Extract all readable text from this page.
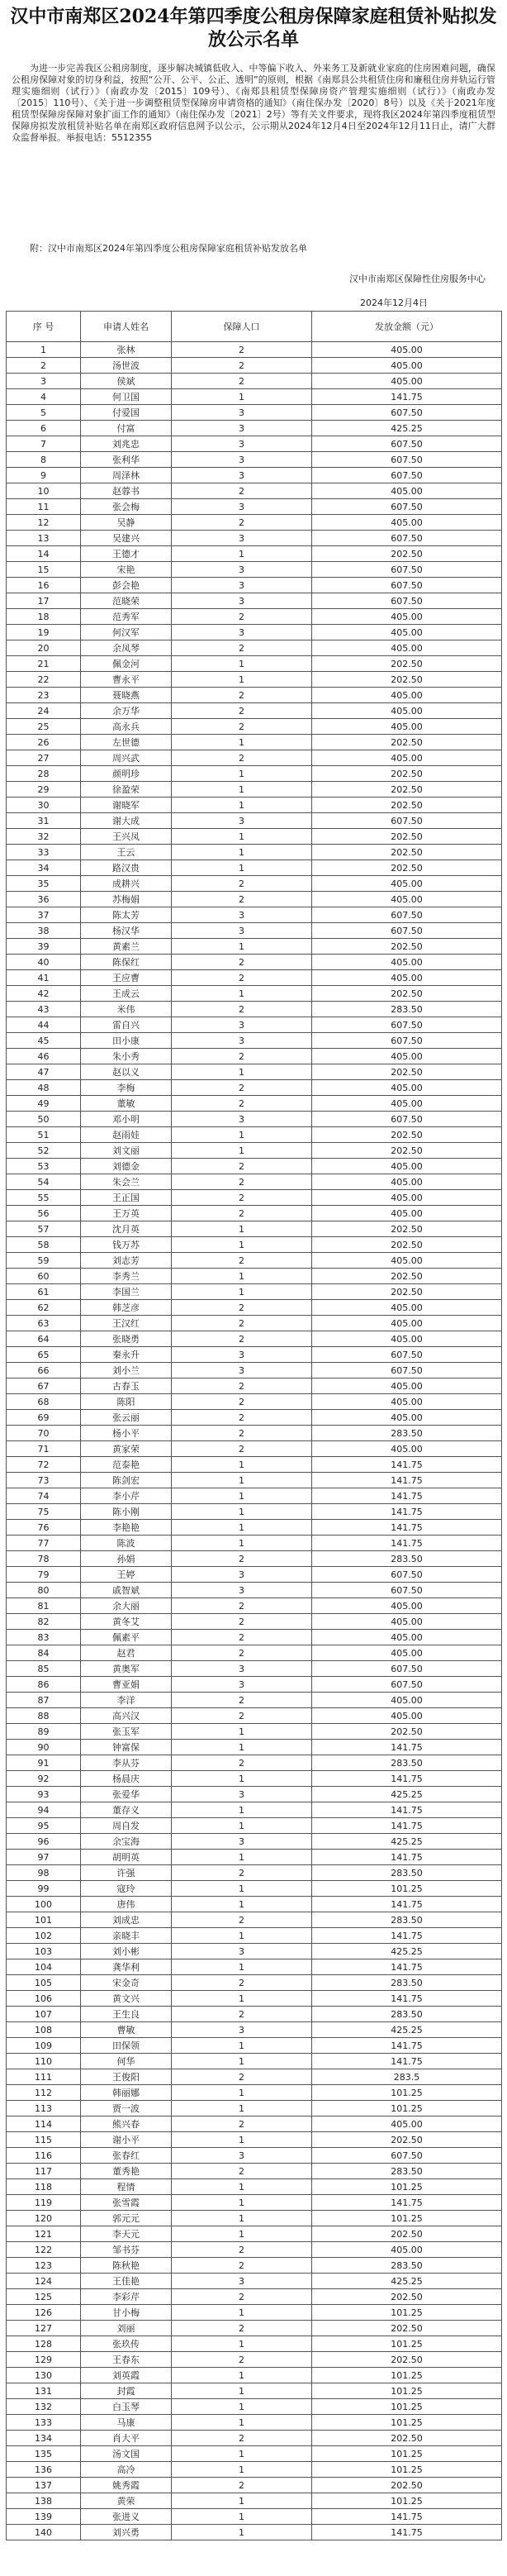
汉中市南郑区2024年第四季度公租房保障家庭租赁补贴拟发放公示名单

为进一步完善我区公租房制度，逐步解决城镇低收入、中等偏下收入、外来务工及新就业家庭的住房困难问题，确保公租房保障对象的切身利益，按照“公开、公平、公正、透明”的原则，根据《南郑县公共租赁住房和廉租住房并轨运行管理实施细则（试行）》（南政办发〔2015〕109号）、《南郑县租赁型保障房资产管理实施细则（试行）》（南政办发〔2015〕110号）、《关于进一步调整租赁型保障房申请资格的通知》（南住保办发〔2020〕8号）以及《关于2021年度租赁型保障房保障对象扩面工作的通知》（南住保办发〔2021〕2号）等有关文件要求，现将我区2024年第四季度租赁型保障房拟发放租赁补贴名单在南郑区政府信息网予以公示，公示期从2024年12月4日至2024年12月11日止，请广大群众监督举报。举报电话：5512355

附：汉中市南郑区2024年第四季度公租房保障家庭租赁补贴发放名单
汉中市南郑区保障性住房服务中心
2024年12月4日
序 号	申请人姓名	保障人口	发放金额（元）
1	张林	2	405.00
2	汤世波	2	405.00
3	侯斌	2	405.00
4	何卫国	1	141.75
5	付爱国	3	607.50
6	付富	3	425.25
7	刘兆忠	3	607.50
8	张利华	3	607.50
9	周泽林	3	607.50
10	赵蓉书	2	405.00
11	张会梅	3	607.50
12	吴静	2	405.00
13	吴建兴	3	607.50
14	王德才	1	202.50
15	宋艳	3	607.50
16	彭会艳	3	607.50
17	范晓荣	3	607.50
18	范秀军	2	405.00
19	何汉军	3	405.00
20	余凤琴	2	405.00
21	佩金河	1	202.50
22	曹永平	1	202.50
23	聂晓燕	2	405.00
24	余万华	2	405.00
25	高永兵	2	405.00
26	左世德	1	202.50
27	周兴武	2	405.00
28	颜明珍	1	202.50
29	徐盈荣	1	202.50
30	谢晓军	1	202.50
31	谢大成	3	607.50
32	王兴凤	1	202.50
33	王云	1	202.50
34	路汉贵	1	202.50
35	成耕兴	2	405.00
36	苏梅娟	2	405.00
37	陈太芳	3	607.50
38	杨汉华	3	607.50
39	黄素兰	1	202.50
40	陈保红	2	405.00
41	王应曹	2	405.00
42	王成云	1	202.50
43	米伟	2	283.50
44	雷自兴	3	607.50
45	田小康	3	607.50
46	朱小秀	2	405.00
47	赵以义	1	202.50
48	李梅	2	405.00
49	董敏	2	405.00
50	邓小明	3	607.50
51	赵雨娃	1	202.50
52	刘文丽	1	202.50
53	刘德金	2	405.00
54	朱会兰	2	405.00
55	王正国	2	405.00
56	王万英	2	405.00
57	沈月英	1	202.50
58	钱万苏	1	202.50
59	刘志芳	2	405.00
60	李秀兰	1	202.50
61	李国兰	1	202.50
62	韩芝彦	2	405.00
63	王汉红	2	405.00
64	张晓勇	2	405.00
65	秦永升	3	607.50
66	刘小兰	3	607.50
67	古春玉	2	405.00
68	陈阳	2	405.00
69	张云丽	2	405.00
70	杨小平	2	283.50
71	黄家荣	2	405.00
72	范泰艳	1	141.75
73	陈剑宏	1	141.75
74	李小芹	1	141.75
75	陈小刚	1	141.75
76	李艳艳	1	141.75
77	陈波	1	141.75
78	孙娟	2	283.50
79	王婷	3	607.50
80	戚智斌	3	607.50
81	余大丽	2	405.00
82	黄冬艾	2	405.00
83	佩素平	2	405.00
84	赵君	2	405.00
85	黄奥军	3	607.50
86	曹亚娟	3	607.50
87	李洋	2	405.00
88	高兴汉	2	405.00
89	张玉军	1	202.50
90	钟富保	1	141.75
91	李从芬	2	283.50
92	杨晨庆	1	141.75
93	张爱华	3	425.25
94	董存义	1	141.75
95	周自发	1	141.75
96	余宝海	3	425.25
97	胡明英	1	141.75
98	许强	2	283.50
99	寇玲	1	101.25
100	唐伟	1	141.75
101	刘成忠	2	283.50
102	亲晓丰	1	141.75
103	刘小彬	3	425.25
104	龚华利	1	141.75
105	宋金奇	2	283.50
106	黄文兴	1	141.75
107	王生良	2	283.50
108	曹敏	3	425.25
109	田保领	1	141.75
110	何华	1	141.75
111	王俊阳	2	283.5
112	韩丽娜	1	101.25
113	贾一波	1	101.25
114	熊兴春	2	405.00
115	谢小平	1	202.50
116	张春红	3	607.50
117	董秀艳	2	283.50
118	程情	1	101.25
119	张雪霞	1	141.75
120	郭元元	1	101.25
121	李天元	1	202.50
122	邹书芬	2	405.00
123	陈秋艳	2	283.50
124	王佳艳	3	425.25
125	李彩芹	2	202.50
126	甘小梅	1	101.25
127	刘丽	2	202.50
128	张玖传	1	101.25
129	王春东	2	202.50
130	刘英霞	1	101.25
131	封霞	1	101.25
132	白玉琴	1	101.25
133	马康	1	101.25
134	肖大平	2	202.50
135	汤文国	1	101.25
136	高冷	1	101.25
137	姚秀霞	2	202.50
138	黄荣	1	101.25
139	张进义	1	141.75
140	刘兴勇	1	141.75
